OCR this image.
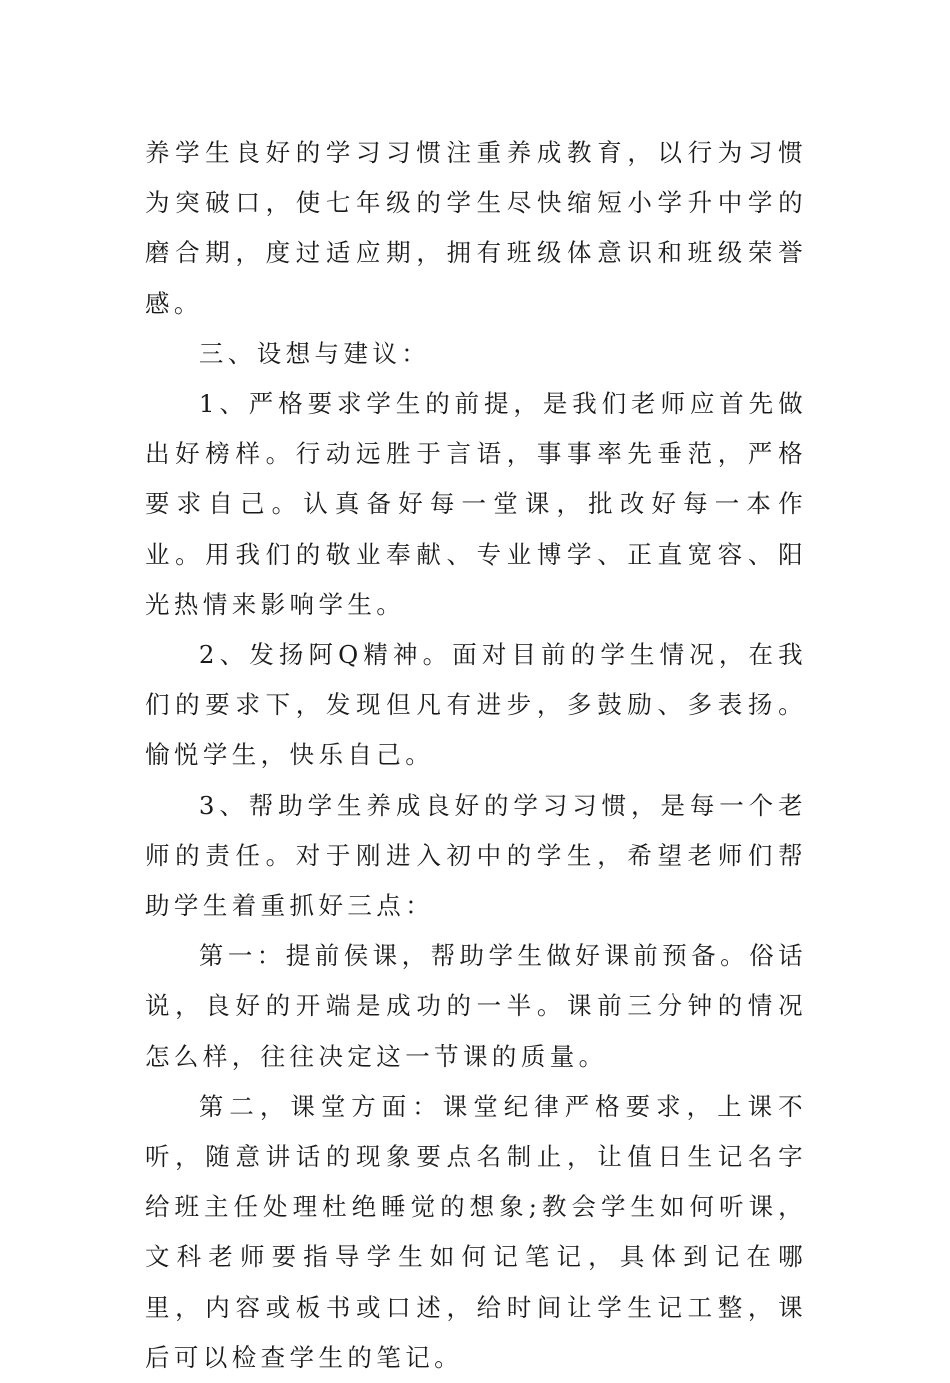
养学生良好的学习习惯注重养成教育，以行为习惯为突破口，使七年级的学生尽快缩短小学升中学的磨合期，度过适应期，拥有班级体意识和班级荣誉感。

三、设想与建议：

1、严格要求学生的前提，是我们老师应首先做出好榜样。行动远胜于言语，事事率先垂范，严格要求自己。认真备好每一堂课，批改好每一本作业。用我们的敬业奉献、专业博学、正直宽容、阳光热情来影响学生。

2、发扬阿Q精神。面对目前的学生情况，在我们的要求下，发现但凡有进步，多鼓励、多表扬。愉悦学生，快乐自己。

3、帮助学生养成良好的学习习惯，是每一个老师的责任。对于刚进入初中的学生，希望老师们帮助学生着重抓好三点：

第一：提前侯课，帮助学生做好课前预备。俗话说，良好的开端是成功的一半。课前三分钟的情况怎么样，往往决定这一节课的质量。

第二，课堂方面：课堂纪律严格要求，上课不听，随意讲话的现象要点名制止，让值日生记名字给班主任处理杜绝睡觉的想象;教会学生如何听课，文科老师要指导学生如何记笔记，具体到记在哪里，内容或板书或口述，给时间让学生记工整，课后可以检查学生的笔记。
